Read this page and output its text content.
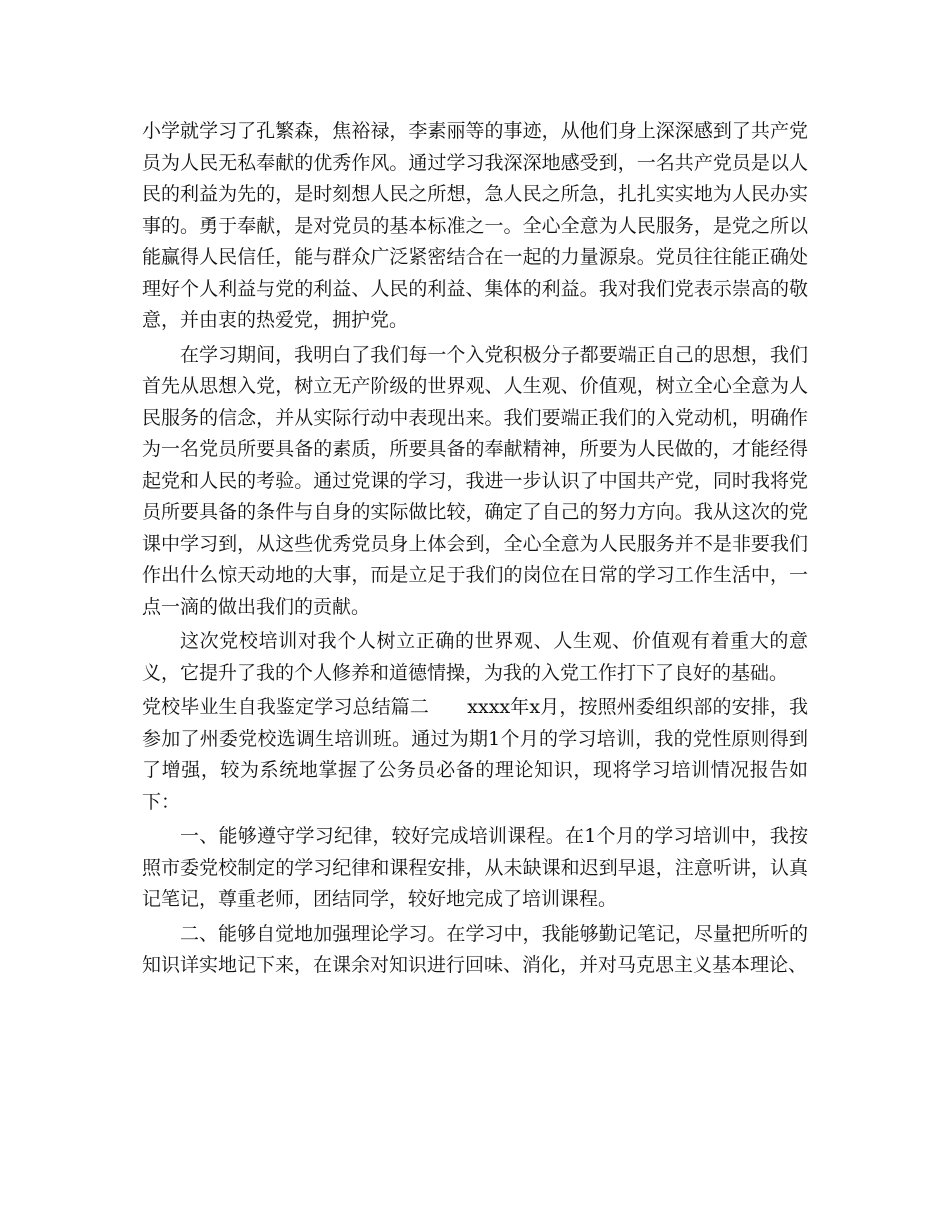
小学就学习了孔繁森，焦裕禄，李素丽等的事迹，从他们身上深深感到了共产党员为人民无私奉献的优秀作风。通过学习我深深地感受到，一名共产党员是以人民的利益为先的，是时刻想人民之所想，急人民之所急，扎扎实实地为人民办实事的。勇于奉献，是对党员的基本标准之一。全心全意为人民服务，是党之所以能赢得人民信任，能与群众广泛紧密结合在一起的力量源泉。党员往往能正确处理好个人利益与党的利益、人民的利益、集体的利益。我对我们党表示崇高的敬意，并由衷的热爱党，拥护党。

在学习期间，我明白了我们每一个入党积极分子都要端正自己的思想，我们首先从思想入党，树立无产阶级的世界观、人生观、价值观，树立全心全意为人民服务的信念，并从实际行动中表现出来。我们要端正我们的入党动机，明确作为一名党员所要具备的素质，所要具备的奉献精神，所要为人民做的，才能经得起党和人民的考验。通过党课的学习，我进一步认识了中国共产党，同时我将党员所要具备的条件与自身的实际做比较，确定了自己的努力方向。我从这次的党课中学习到，从这些优秀党员身上体会到，全心全意为人民服务并不是非要我们作出什么惊天动地的大事，而是立足于我们的岗位在日常的学习工作生活中，一点一滴的做出我们的贡献。

这次党校培训对我个人树立正确的世界观、人生观、价值观有着重大的意义，它提升了我的个人修养和道德情操，为我的入党工作打下了良好的基础。

党校毕业生自我鉴定学习总结篇二　　xxxx年x月，按照州委组织部的安排，我参加了州委党校选调生培训班。通过为期1个月的学习培训，我的党性原则得到了增强，较为系统地掌握了公务员必备的理论知识，现将学习培训情况报告如下：

一、能够遵守学习纪律，较好完成培训课程。在1个月的学习培训中，我按照市委党校制定的学习纪律和课程安排，从未缺课和迟到早退，注意听讲，认真记笔记，尊重老师，团结同学，较好地完成了培训课程。

二、能够自觉地加强理论学习。在学习中，我能够勤记笔记，尽量把所听的知识详实地记下来，在课余对知识进行回味、消化，并对马克思主义基本理论、
